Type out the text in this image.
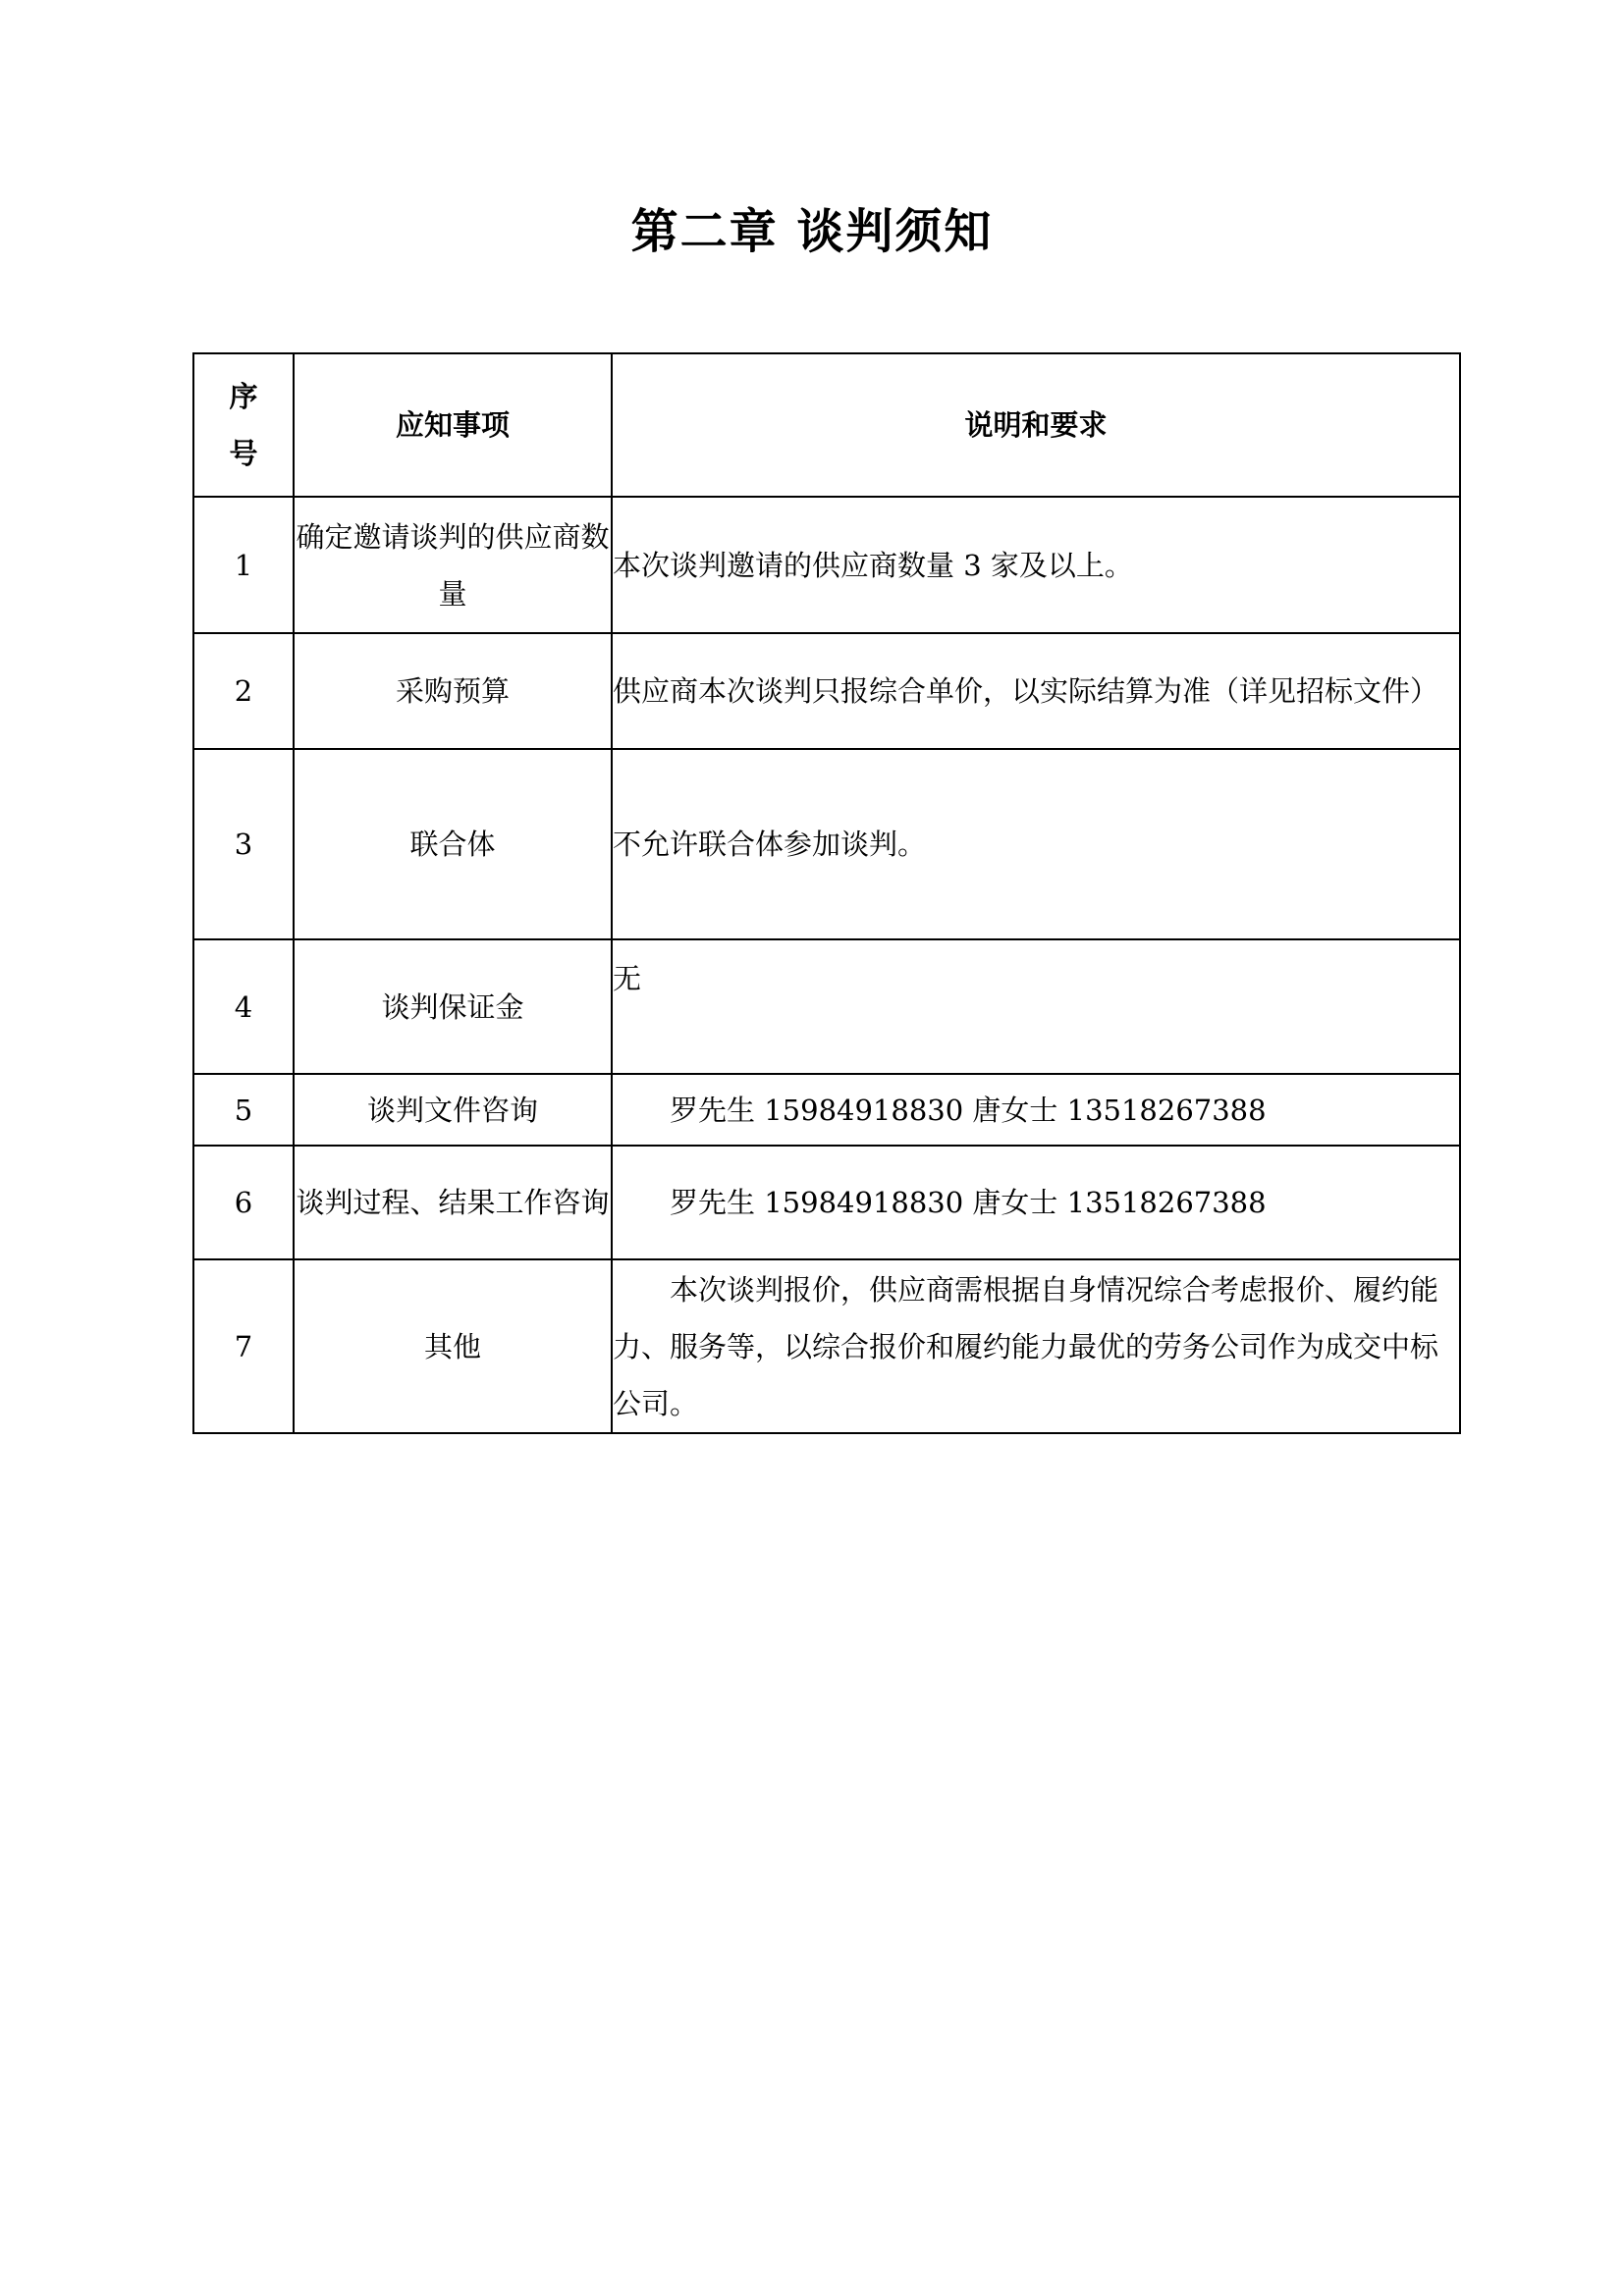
第二章 谈判须知
序
号	应知事项	说明和要求
1	确定邀请谈判的供应商数量	本次谈判邀请的供应商数量 3 家及以上。
2	采购预算	供应商本次谈判只报综合单价，以实际结算为准（详见招标文件）
3	联合体	不允许联合体参加谈判。
4	谈判保证金	无
5	谈判文件咨询	罗先生 15984918830 唐女士 13518267388
6	谈判过程、结果工作咨询	罗先生 15984918830 唐女士 13518267388
7	其他	本次谈判报价，供应商需根据自身情况综合考虑报价、履约能力、服务等，以综合报价和履约能力最优的劳务公司作为成交中标公司。
